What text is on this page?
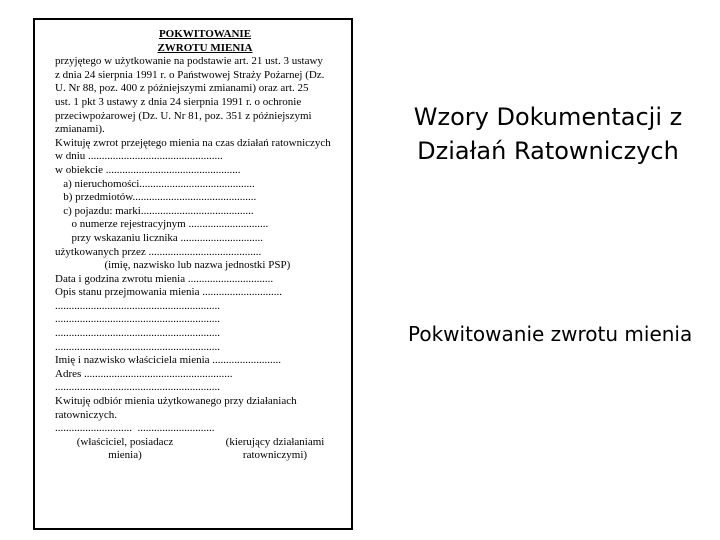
POKWITOWANIE
ZWROTU MIENIA
przyjętego w użytkowanie na podstawie art. 21 ust. 3 ustawy
z dnia 24 sierpnia 1991 r. o Państwowej Straży Pożarnej (Dz.
U. Nr 88, poz. 400 z późniejszymi zmianami) oraz art. 25
ust. 1 pkt 3 ustawy z dnia 24 sierpnia 1991 r. o ochronie
przeciwpożarowej (Dz. U. Nr 81, poz. 351 z późniejszymi
zmianami).
Kwituję zwrot przejętego mienia na czas działań ratowniczych
w dniu .................................................
w obiekcie .................................................
a) nieruchomości..........................................
b) przedmiotów.............................................
c) pojazdu: marki.........................................
o numerze rejestracyjnym .............................
przy wskazaniu licznika ..............................
użytkowanych przez .........................................
(imię, nazwisko lub nazwa jednostki PSP)
Data i godzina zwrotu mienia ...............................
Opis stanu przejmowania mienia .............................
............................................................
............................................................
............................................................
............................................................
Imię i nazwisko właściciela mienia .........................
Adres ......................................................
............................................................
Kwituję odbiór mienia użytkowanego przy działaniach
ratowniczych.
............................  ............................
(właściciel, posiadacz	(kierujący działaniami
mienia)	ratowniczymi)
Wzory Dokumentacji z Działań Ratowniczych
Pokwitowanie zwrotu mienia
